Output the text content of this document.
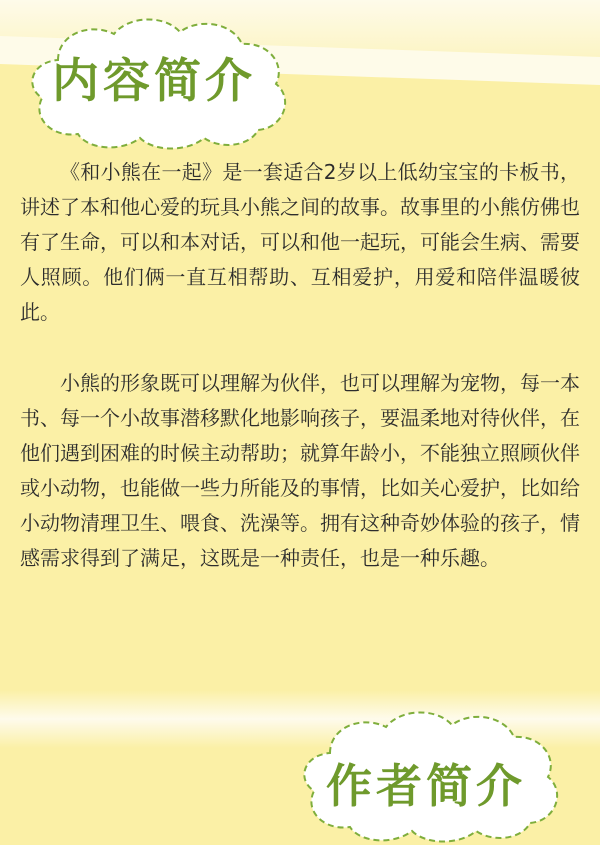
内容简介

《和小熊在一起》是一套适合2岁以上低幼宝宝的卡板书，讲述了本和他心爱的玩具小熊之间的故事。故事里的小熊仿佛也有了生命，可以和本对话，可以和他一起玩，可能会生病、需要人照顾。他们俩一直互相帮助、互相爱护，用爱和陪伴温暖彼此。

小熊的形象既可以理解为伙伴，也可以理解为宠物，每一本书、每一个小故事潜移默化地影响孩子，要温柔地对待伙伴，在他们遇到困难的时候主动帮助；就算年龄小，不能独立照顾伙伴或小动物，也能做一些力所能及的事情，比如关心爱护，比如给小动物清理卫生、喂食、洗澡等。拥有这种奇妙体验的孩子，情感需求得到了满足，这既是一种责任，也是一种乐趣。

作者简介
